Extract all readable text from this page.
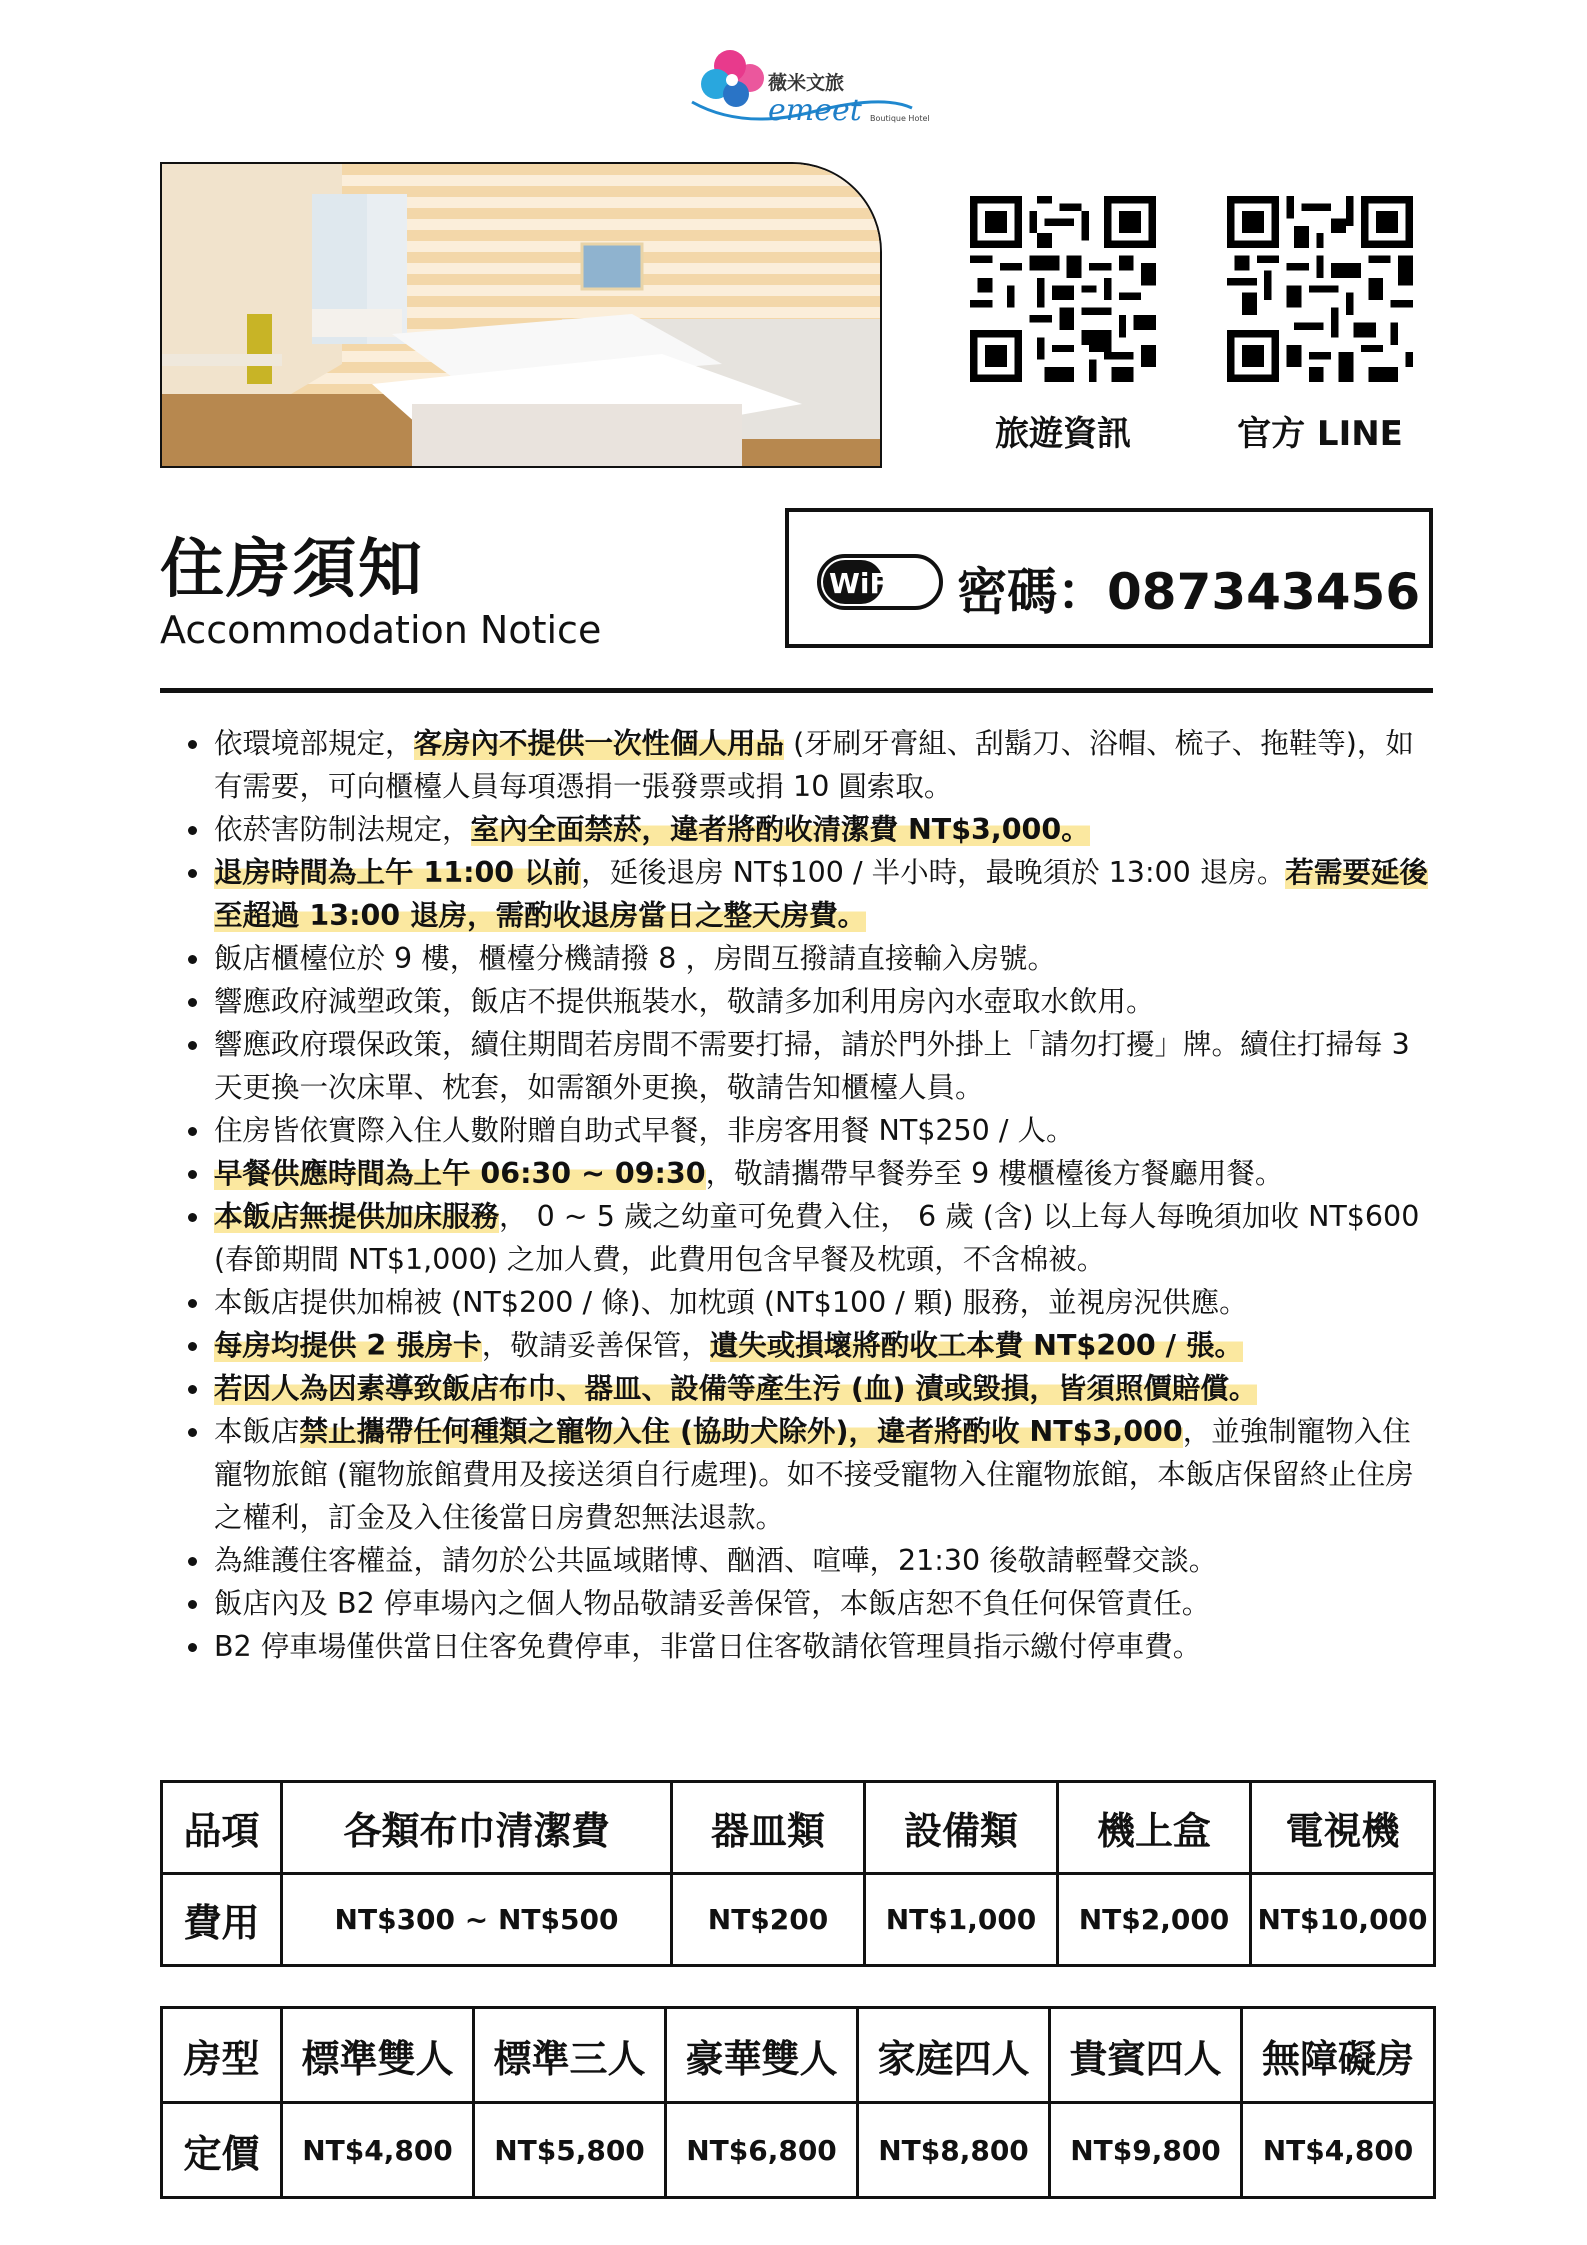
emeet
薇米文旅
Boutique Hotel
旅遊資訊	官方 LINE
住房須知
Accommodation Notice
WiFi 密碼：087343456
依環境部規定，客房內不提供一次性個人用品 (牙刷牙膏組、刮鬍刀、浴帽、梳子、拖鞋等)，如有需要，可向櫃檯人員每項憑捐一張發票或捐 10 圓索取。
依菸害防制法規定，室內全面禁菸，違者將酌收清潔費 NT$3,000。
退房時間為上午 11:00 以前，延後退房 NT$100 / 半小時，最晚須於 13:00 退房。若需要延後至超過 13:00 退房，需酌收退房當日之整天房費。
飯店櫃檯位於 9 樓，櫃檯分機請撥 8 ，房間互撥請直接輸入房號。
響應政府減塑政策，飯店不提供瓶裝水，敬請多加利用房內水壺取水飲用。
響應政府環保政策，續住期間若房間不需要打掃，請於門外掛上「請勿打擾」牌。續住打掃每 3 天更換一次床單、枕套，如需額外更換，敬請告知櫃檯人員。
住房皆依實際入住人數附贈自助式早餐，非房客用餐 NT$250 / 人。
早餐供應時間為上午 06:30 ~ 09:30，敬請攜帶早餐券至 9 樓櫃檯後方餐廳用餐。
本飯店無提供加床服務， 0 ~ 5 歲之幼童可免費入住， 6 歲 (含) 以上每人每晚須加收 NT$600 (春節期間 NT$1,000) 之加人費，此費用包含早餐及枕頭，不含棉被。
本飯店提供加棉被 (NT$200 / 條)、加枕頭 (NT$100 / 顆) 服務，並視房況供應。
每房均提供 2 張房卡，敬請妥善保管，遺失或損壞將酌收工本費 NT$200 / 張。
若因人為因素導致飯店布巾、器皿、設備等產生污 (血) 漬或毀損，皆須照價賠償。
本飯店禁止攜帶任何種類之寵物入住 (協助犬除外)，違者將酌收 NT$3,000，並強制寵物入住寵物旅館 (寵物旅館費用及接送須自行處理)。如不接受寵物入住寵物旅館，本飯店保留終止住房之權利，訂金及入住後當日房費恕無法退款。
為維護住客權益，請勿於公共區域賭博、酗酒、喧嘩，21:30 後敬請輕聲交談。
飯店內及 B2 停車場內之個人物品敬請妥善保管，本飯店恕不負任何保管責任。
B2 停車場僅供當日住客免費停車，非當日住客敬請依管理員指示繳付停車費。
品項	各類布巾清潔費	器皿類	設備類	機上盒	電視機
費用	NT$300 ~ NT$500	NT$200	NT$1,000	NT$2,000	NT$10,000
房型	標準雙人	標準三人	豪華雙人	家庭四人	貴賓四人	無障礙房
定價	NT$4,800	NT$5,800	NT$6,800	NT$8,800	NT$9,800	NT$4,800
